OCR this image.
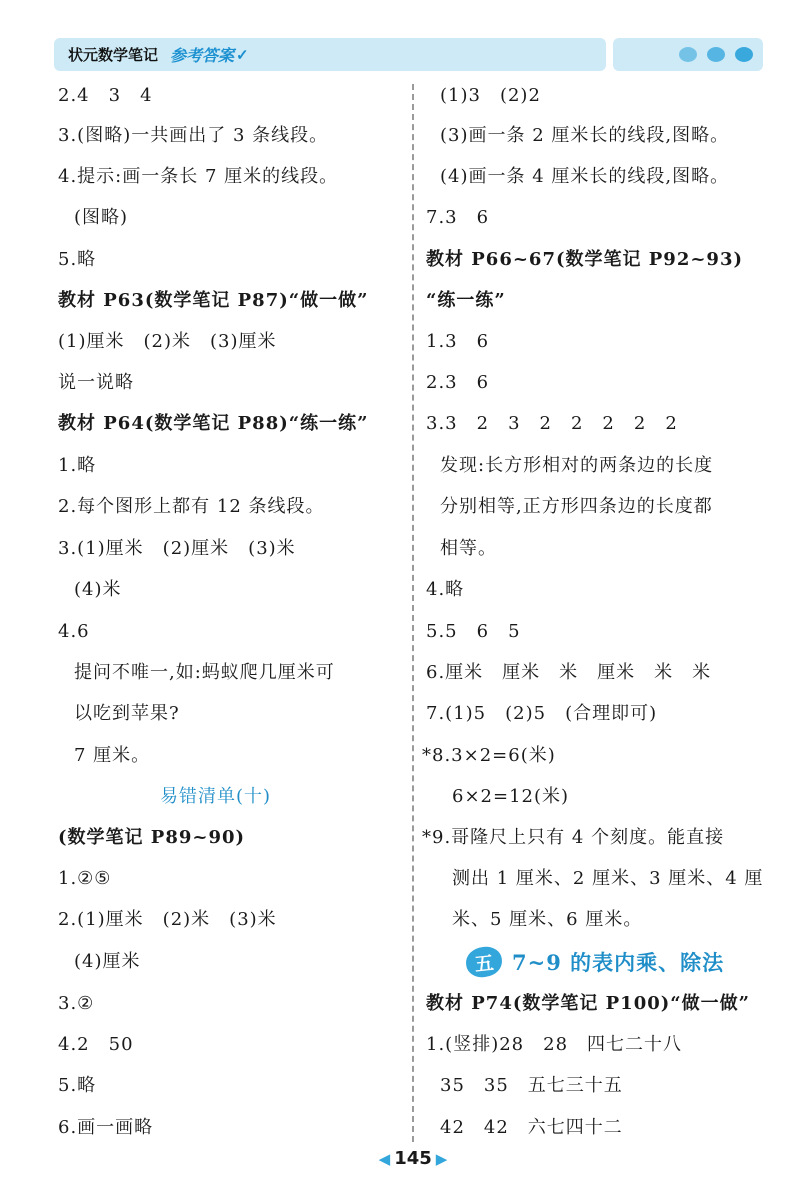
状元数学笔记 参考答案 ✓
2.4　3　4
3.(图略)一共画出了 3 条线段。
4.提示:画一条长 7 厘米的线段。
(图略)
5.略
教材 P63(数学笔记 P87)“做一做”
(1)厘米　(2)米　(3)厘米
说一说略
教材 P64(数学笔记 P88)“练一练”
1.略
2.每个图形上都有 12 条线段。
3.(1)厘米　(2)厘米　(3)米
(4)米
4.6
提问不唯一,如:蚂蚁爬几厘米可
以吃到苹果?
7 厘米。
易错清单(十)
(数学笔记 P89~90)
1.②⑤
2.(1)厘米　(2)米　(3)米
(4)厘米
3.②
4.2　50
5.略
6.画一画略
(1)3　(2)2
(3)画一条 2 厘米长的线段,图略。
(4)画一条 4 厘米长的线段,图略。
7.3　6
教材 P66~67(数学笔记 P92~93)
“练一练”
1.3　6
2.3　6
3.3　2　3　2　2　2　2　2
发现:长方形相对的两条边的长度
分别相等,正方形四条边的长度都
相等。
4.略
5.5　6　5
6.厘米　厘米　米　厘米　米　米
7.(1)5　(2)5　(合理即可)
*8.3×2=6(米)
6×2=12(米)
*9.哥隆尺上只有 4 个刻度。能直接
测出 1 厘米、2 厘米、3 厘米、4 厘
米、5 厘米、6 厘米。
五 7~9 的表内乘、除法
教材 P74(数学笔记 P100)“做一做”
1.(竖排)28　28　四七二十八
35　35　五七三十五
42　42　六七四十二
◀ 145 ▶
